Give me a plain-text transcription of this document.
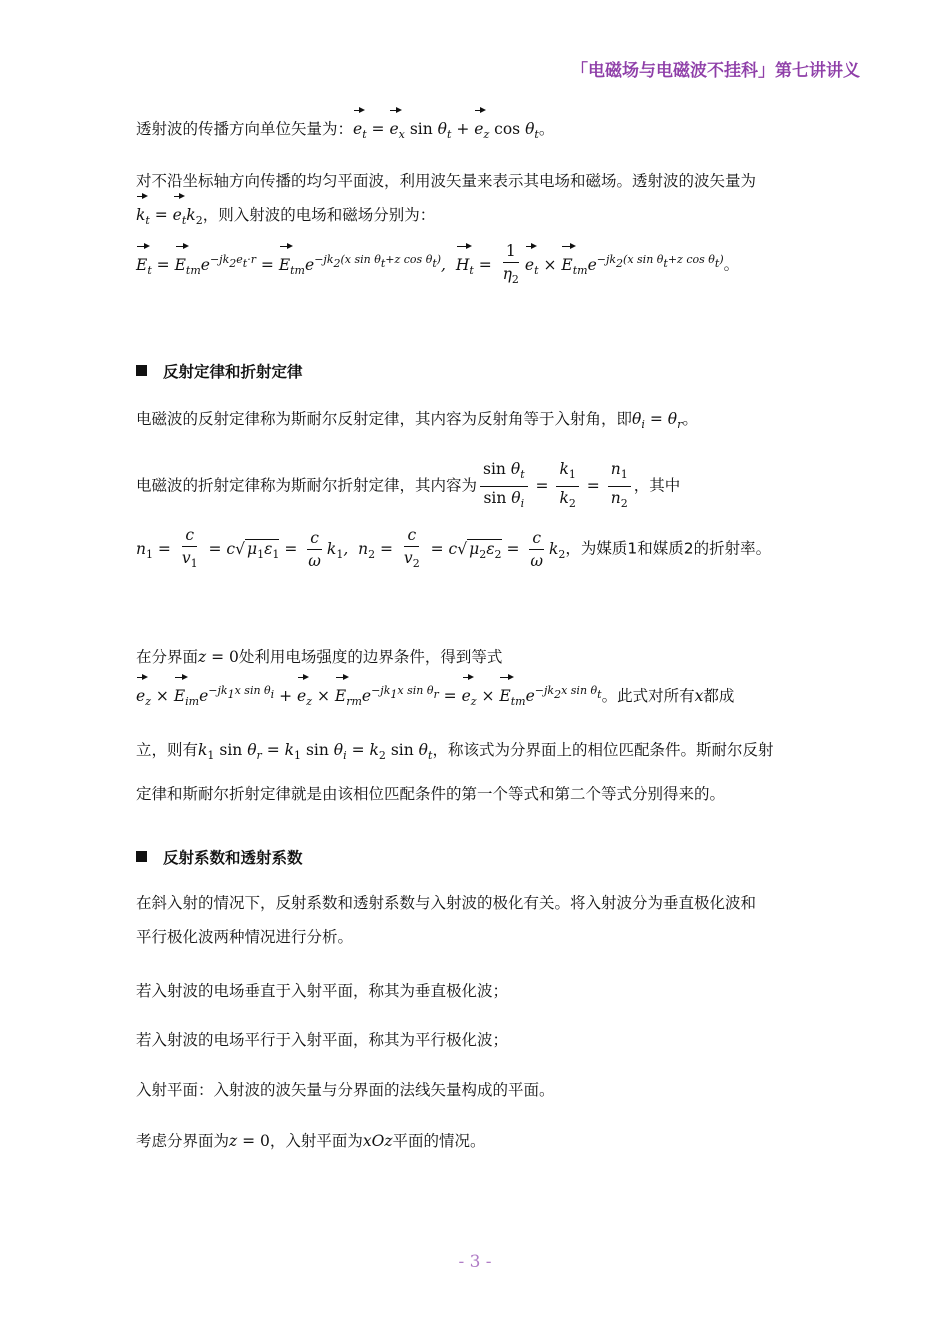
「电磁场与电磁波不挂科」第七讲讲义
透射波的传播方向单位矢量为：$e_t = e_x$ $\sin \theta_t + e_z$ $\cos \theta_t$。
对不沿坐标轴方向传播的均匀平面波，利用波矢量来表示其电场和磁场。透射波的波矢量为
$k_t = e_tk_2$，则入射波的电场和磁场分别为：
$E_t = E_{tm}e^{-jk_2e_t\cdot r} = E_{tm}e^{-jk_2(x sin \theta_t+z cos \theta_t)}$,  $H_t = \frac{1}{\eta_2} e_t \times E_{tm}e^{-jk_2(x sin \theta_t+z cos \theta_t)}$。
反射定律和折射定律
电磁波的反射定律称为斯耐尔反射定律，其内容为反射角等于入射角，即$\theta_i = \theta_r$。
电磁波的折射定律称为斯耐尔折射定律，其内容为 $\frac{\sin \theta_t}{\sin \theta_i} = \frac{k_1}{k_2} = \frac{n_1}{n_2}$ ，其中
$n_1 = \frac{c}{v_1} = c√$ $\mu_1\varepsilon_1 = \frac{c}{\omega} k_1$,  $n_2 = \frac{c}{v_2} = c√$ $\mu_2\varepsilon_2 = \frac{c}{\omega} k_2$，为媒质1和媒质2的折射率。
在分界面z = 0处利用电场强度的边界条件，得到等式
$e_z \times E_{im}e^{-jk_1x sin \theta_i} + e_z \times E_{rm}e^{-jk_1x sin \theta_r} = e_z \times E_{tm}e^{-jk_2x sin \theta_t}$。此式对所有x都成
立，则有$k_1$ $\sin \theta_r = k_1$ $\sin \theta_i = k_2$ $\sin \theta_t$，称该式为分界面上的相位匹配条件。斯耐尔反射
定律和斯耐尔折射定律就是由该相位匹配条件的第一个等式和第二个等式分别得来的。
反射系数和透射系数
在斜入射的情况下，反射系数和透射系数与入射波的极化有关。将入射波分为垂直极化波和
平行极化波两种情况进行分析。
若入射波的电场垂直于入射平面，称其为垂直极化波；
若入射波的电场平行于入射平面，称其为平行极化波；
入射平面：入射波的波矢量与分界面的法线矢量构成的平面。
考虑分界面为z = 0，入射平面为xOz平面的情况。
- 3 -
